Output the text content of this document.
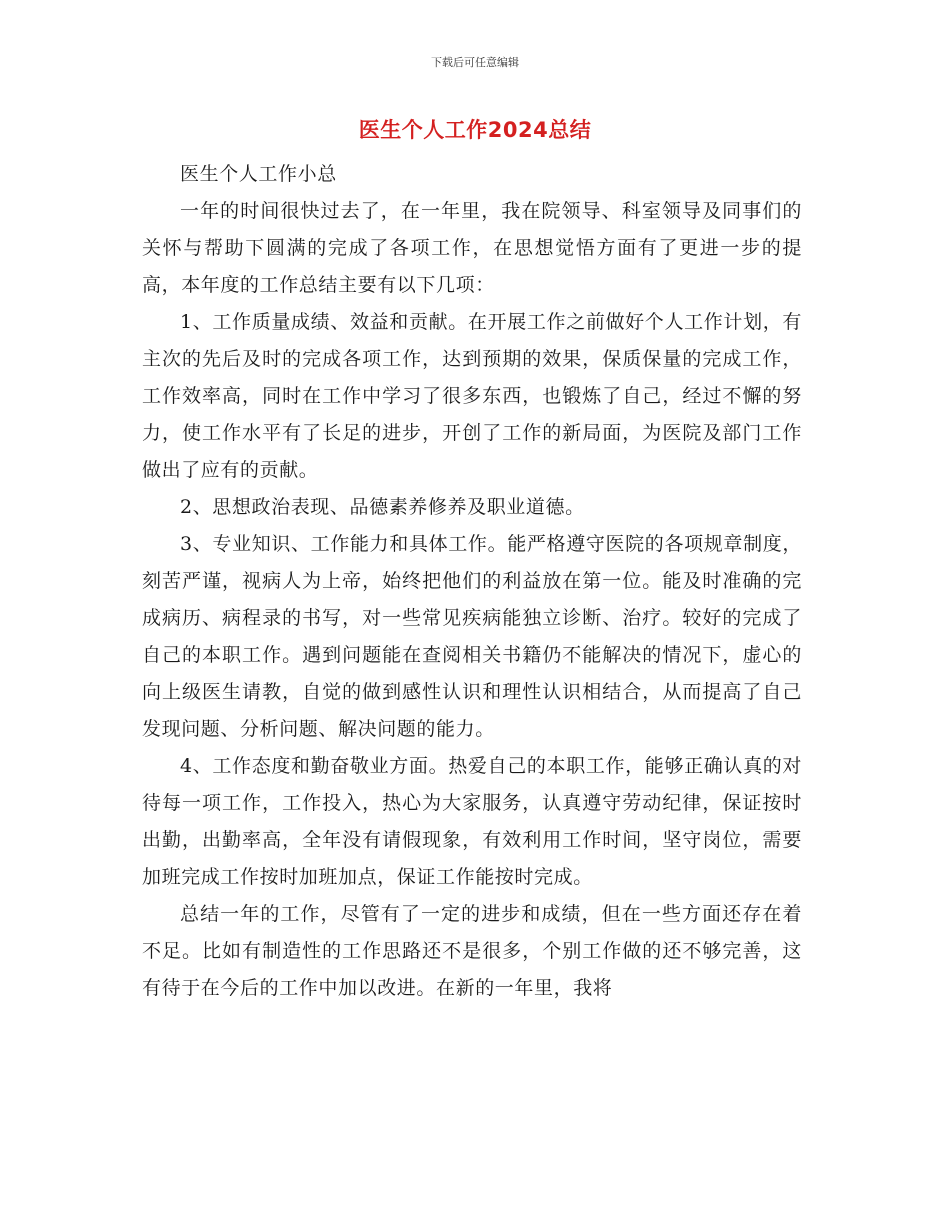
下载后可任意编辑
医生个人工作2024总结

医生个人工作小总

一年的时间很快过去了，在一年里，我在院领导、科室领导及同事们的关怀与帮助下圆满的完成了各项工作，在思想觉悟方面有了更进一步的提高，本年度的工作总结主要有以下几项：

1、工作质量成绩、效益和贡献。在开展工作之前做好个人工作计划，有主次的先后及时的完成各项工作，达到预期的效果，保质保量的完成工作，工作效率高，同时在工作中学习了很多东西，也锻炼了自己，经过不懈的努力，使工作水平有了长足的进步，开创了工作的新局面，为医院及部门工作做出了应有的贡献。

2、思想政治表现、品德素养修养及职业道德。

3、专业知识、工作能力和具体工作。能严格遵守医院的各项规章制度，刻苦严谨，视病人为上帝，始终把他们的利益放在第一位。能及时准确的完成病历、病程录的书写，对一些常见疾病能独立诊断、治疗。较好的完成了自己的本职工作。遇到问题能在查阅相关书籍仍不能解决的情况下，虚心的向上级医生请教，自觉的做到感性认识和理性认识相结合，从而提高了自己发现问题、分析问题、解决问题的能力。

4、工作态度和勤奋敬业方面。热爱自己的本职工作，能够正确认真的对待每一项工作，工作投入，热心为大家服务，认真遵守劳动纪律，保证按时出勤，出勤率高，全年没有请假现象，有效利用工作时间，坚守岗位，需要加班完成工作按时加班加点，保证工作能按时完成。

总结一年的工作，尽管有了一定的进步和成绩，但在一些方面还存在着不足。比如有制造性的工作思路还不是很多，个别工作做的还不够完善，这有待于在今后的工作中加以改进。在新的一年里，我将
